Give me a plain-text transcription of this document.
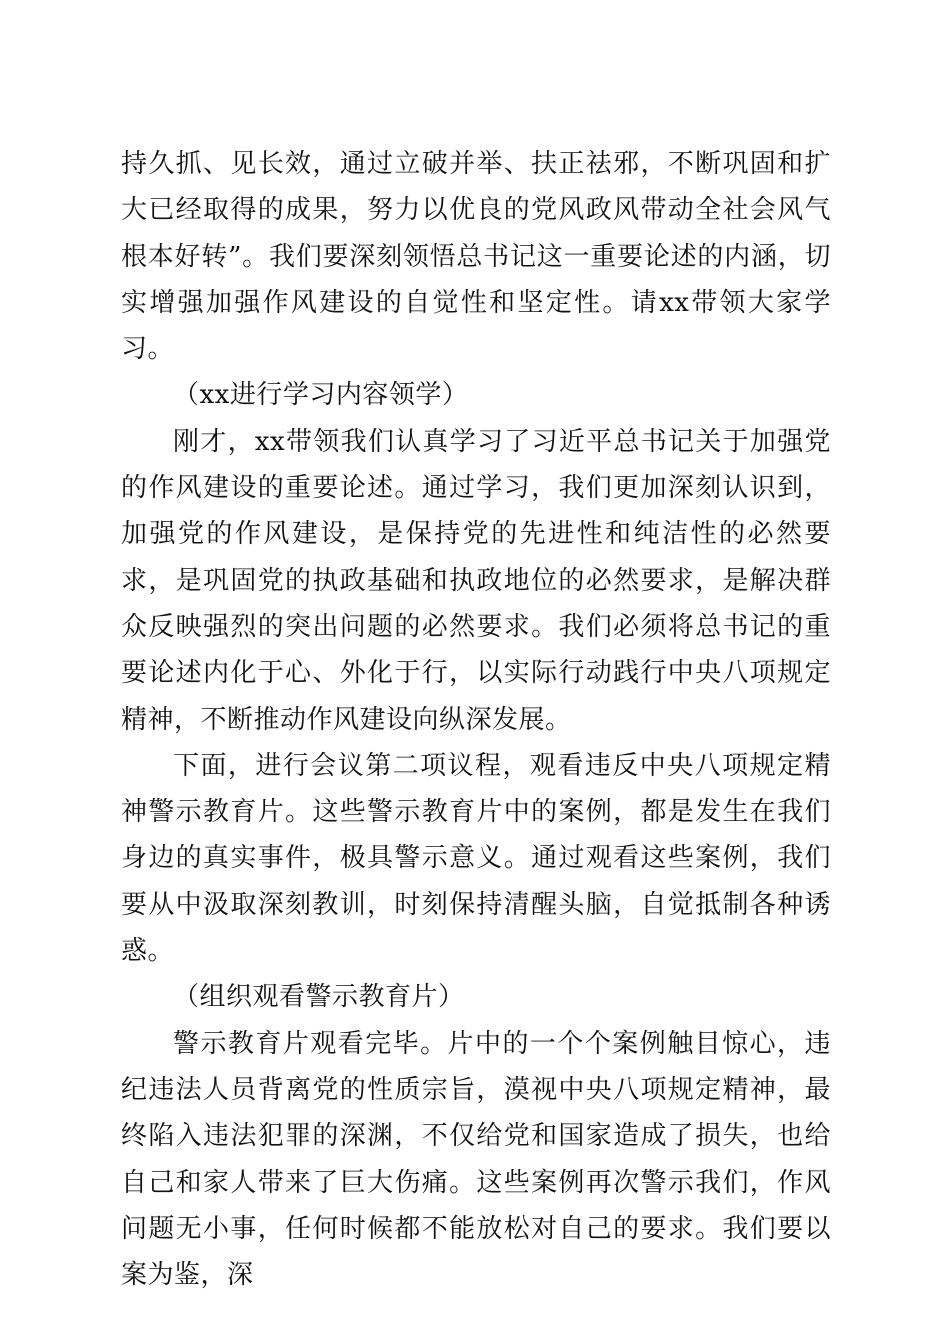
持久抓、见长效，通过立破并举、扶正祛邪，不断巩固和扩大已经取得的成果，努力以优良的党风政风带动全社会风气根本好转”。我们要深刻领悟总书记这一重要论述的内涵，切实增强加强作风建设的自觉性和坚定性。请xx带领大家学习。

（xx进行学习内容领学）

刚才，xx带领我们认真学习了习近平总书记关于加强党的作风建设的重要论述。通过学习，我们更加深刻认识到，加强党的作风建设，是保持党的先进性和纯洁性的必然要求，是巩固党的执政基础和执政地位的必然要求，是解决群众反映强烈的突出问题的必然要求。我们必须将总书记的重要论述内化于心、外化于行，以实际行动践行中央八项规定精神，不断推动作风建设向纵深发展。

下面，进行会议第二项议程，观看违反中央八项规定精神警示教育片。这些警示教育片中的案例，都是发生在我们身边的真实事件，极具警示意义。通过观看这些案例，我们要从中汲取深刻教训，时刻保持清醒头脑，自觉抵制各种诱惑。

（组织观看警示教育片）

警示教育片观看完毕。片中的一个个案例触目惊心，违纪违法人员背离党的性质宗旨，漠视中央八项规定精神，最终陷入违法犯罪的深渊，不仅给党和国家造成了损失，也给自己和家人带来了巨大伤痛。这些案例再次警示我们，作风问题无小事，任何时候都不能放松对自己的要求。我们要以案为鉴，深
